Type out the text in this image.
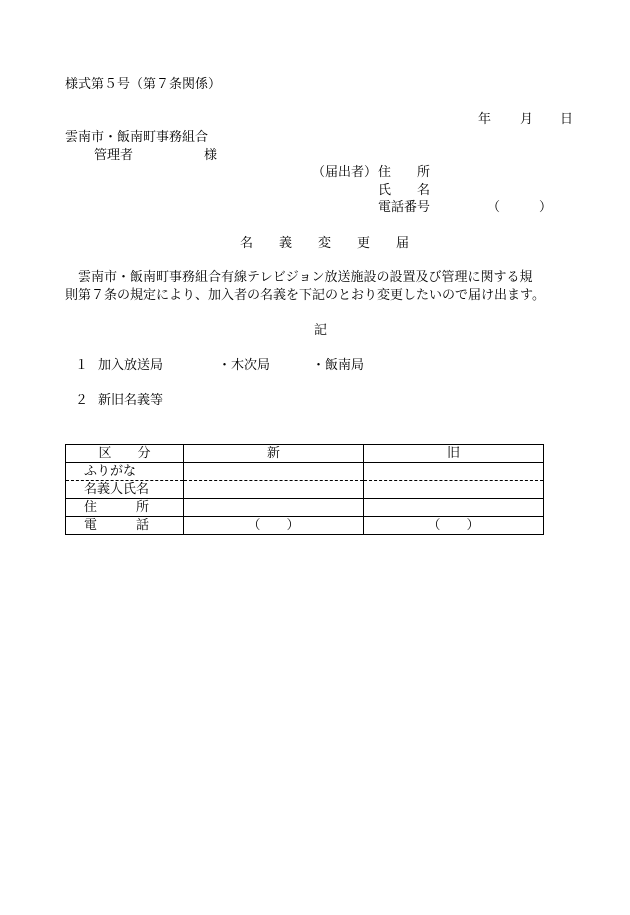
様式第５号（第７条関係）
年 月 日
雲南市・飯南町事務組合
管理者	様
（届出者） 住　　所
氏　　名
電話番号	（　　　）
名　　義　　変　　更　　届
　雲南市・飯南町事務組合有線テレビジョン放送施設の設置及び管理に関する規
則第７条の規定により、加入者の名義を下記のとおり変更したいので届け出ます。
記
１ 加入放送局	・木次局	・飯南局
２ 新旧名義等
区　　分	新	旧
ふりがな		
名義人氏名		
住　　　所		
電　　　話	（　　）	（　　）
